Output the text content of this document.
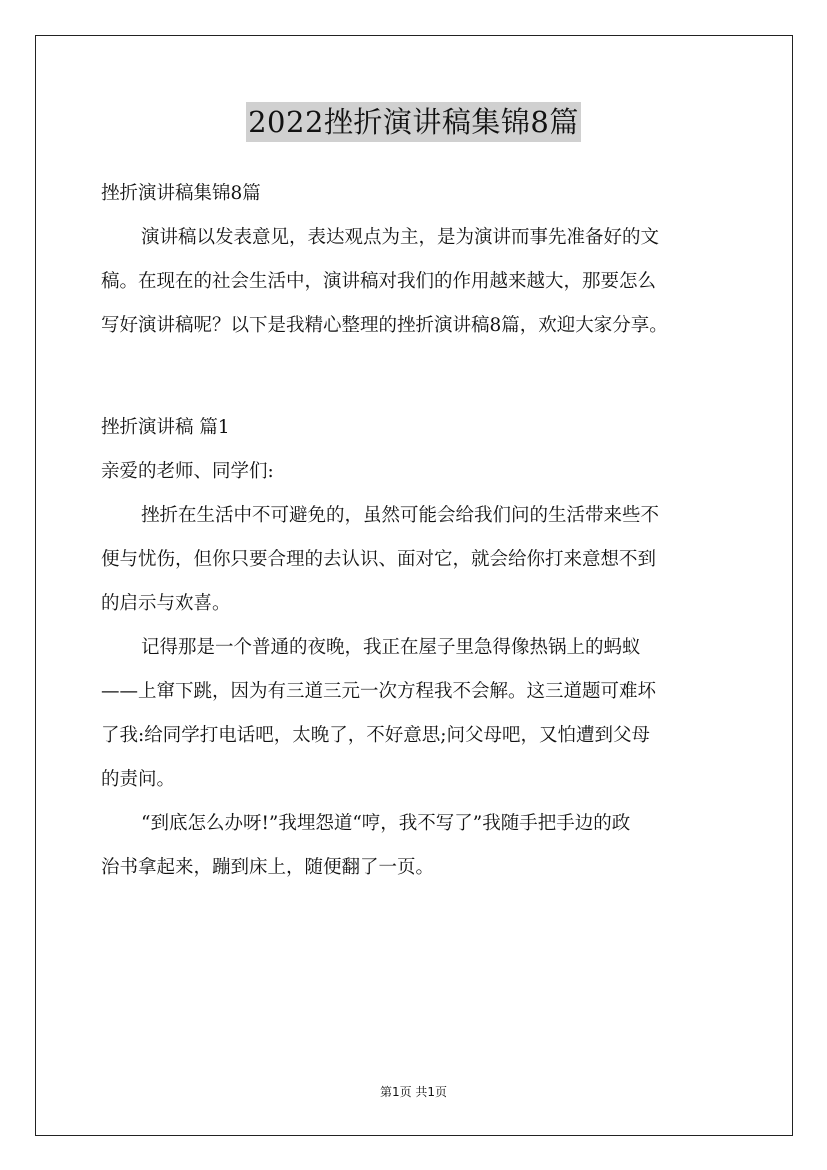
2022挫折演讲稿集锦8篇
挫折演讲稿集锦8篇
演讲稿以发表意见，表达观点为主，是为演讲而事先准备好的文
稿。在现在的社会生活中，演讲稿对我们的作用越来越大，那要怎么
写好演讲稿呢？以下是我精心整理的挫折演讲稿8篇，欢迎大家分享。
挫折演讲稿 篇1
亲爱的老师、同学们:
挫折在生活中不可避免的，虽然可能会给我们问的生活带来些不
便与忧伤，但你只要合理的去认识、面对它，就会给你打来意想不到
的启示与欢喜。
记得那是一个普通的夜晚，我正在屋子里急得像热锅上的蚂蚁
——上窜下跳，因为有三道三元一次方程我不会解。这三道题可难坏
了我:给同学打电话吧，太晚了，不好意思;问父母吧，又怕遭到父母
的责问。
“到底怎么办呀!”我埋怨道“哼，我不写了”我随手把手边的政
治书拿起来，蹦到床上，随便翻了一页。
第1页 共1页
